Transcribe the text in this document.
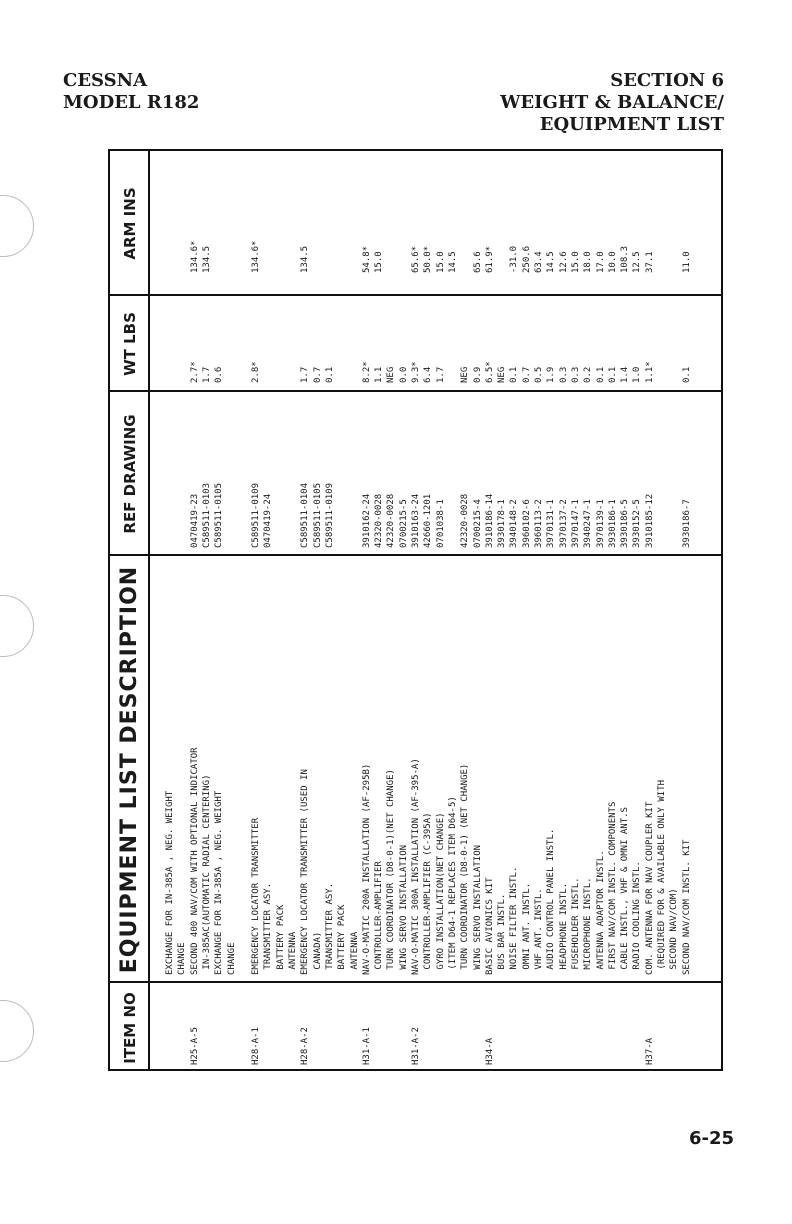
CESSNA
MODEL R182
SECTION 6
WEIGHT & BALANCE/
EQUIPMENT LIST
ITEM NO
EQUIPMENT LIST DESCRIPTION
REF DRAWING
WT LBS
ARM INS
EXCHANGE FOR IN-385A , NEG. WEIGHT CHANGE
H25-A-5
SECOND 400 NAV/COM WITH OPTIONAL INDICATOR
0470419-23
2.7*
134.6*
IN-385AC(AUTOMATIC RADIAL CENTERING)
C589511-0103
1.7
134.5
EXCHANGE FOR IN-385A , NEG. WEIGHT
C589511-0105
0.6
CHANGE
H28-A-1
EMERGENCY LOCATOR TRANSMITTER
C589511-0109
2.8*
134.6*
TRANSMITTER ASY.
0470419-24
BATTERY PACK ANTENNA
H28-A-2
EMERGENCY LOCATOR TRANSMITTER (USED IN
C589511-0104
1.7
134.5
CANADA)
C589511-0105
0.7
TRANSMITTER ASY.
C589511-0109
0.1
BATTERY PACK ANTENNA
H31-A-1
NAV-O-MATIC 200A INSTALLATION (AF-295B)
3910162-24
8.2*
54.8*
CONTROLLER-AMPLIFIER
42320-0028
1.1
15.0
TURN COORDINATOR (D8-0-1)(NET CHANGE)
42320-0028
NEG
WING SERVO INSTALLATION
0700215-5
0.0
H31-A-2
NAV-O-MATIC 300A INSTALLATION (AF-395-A)
3910163-24
9.3*
65.6*
CONTROLLER-AMPLIFIER (C-395A)
42660-1201
6.4
50.0*
GYRO INSTALLATION(NET CHANGE)
0701038-1
1.7
15.0
(ITEM D64-1 REPLACES ITEM D64-5)
14.5
TURN COORDINATOR (D8-0-1) (NET CHANGE)
42320-0028
NEG
WING SERVO INSTALLATION
0700215-4
0.9
65.6
H34-A
BASIC AVIONICS KIT
3910186-14
6.5*
61.9*
BUS BAR INSTL.
3930178-1
NEG
NOISE FILTER INSTL.
3940148-2
0.1
-31.0
OMNI ANT. INSTL.
3960102-6
0.7
250.6
VHF ANT. INSTL.
3960113-2
0.5
63.4
AUDIO CONTROL PANEL INSTL.
3970131-1
1.9
14.5
HEADPHONE INSTL.
3970137-2
0.3
12.6
FUSEHOLDER INSTL.
3970147-1
0.3
15.0
MICROPHONE INSTL.
3940247-1
0.2
18.0
ANTENNA ADAPTOR INSTL.
3970139-1
0.1
17.0
FIRST NAV/COM INSTL. COMPONENTS
3930186-1
0.1
10.0
CABLE INSTL., VHF & OMNI ANT.S
3930186-5
1.4
108.3
RADIO COOLING INSTL.
3930152-5
1.0
12.5
H37-A
COM. ANTENNA FOR NAV COUPLER KIT
3910185-12
1.1*
37.1
(REQUIRED FOR & AVAILABLE ONLY WITH SECOND NAV/COM) SECOND NAV/COM INSTL. KIT
3930186-7
0.1
11.0
6-25
